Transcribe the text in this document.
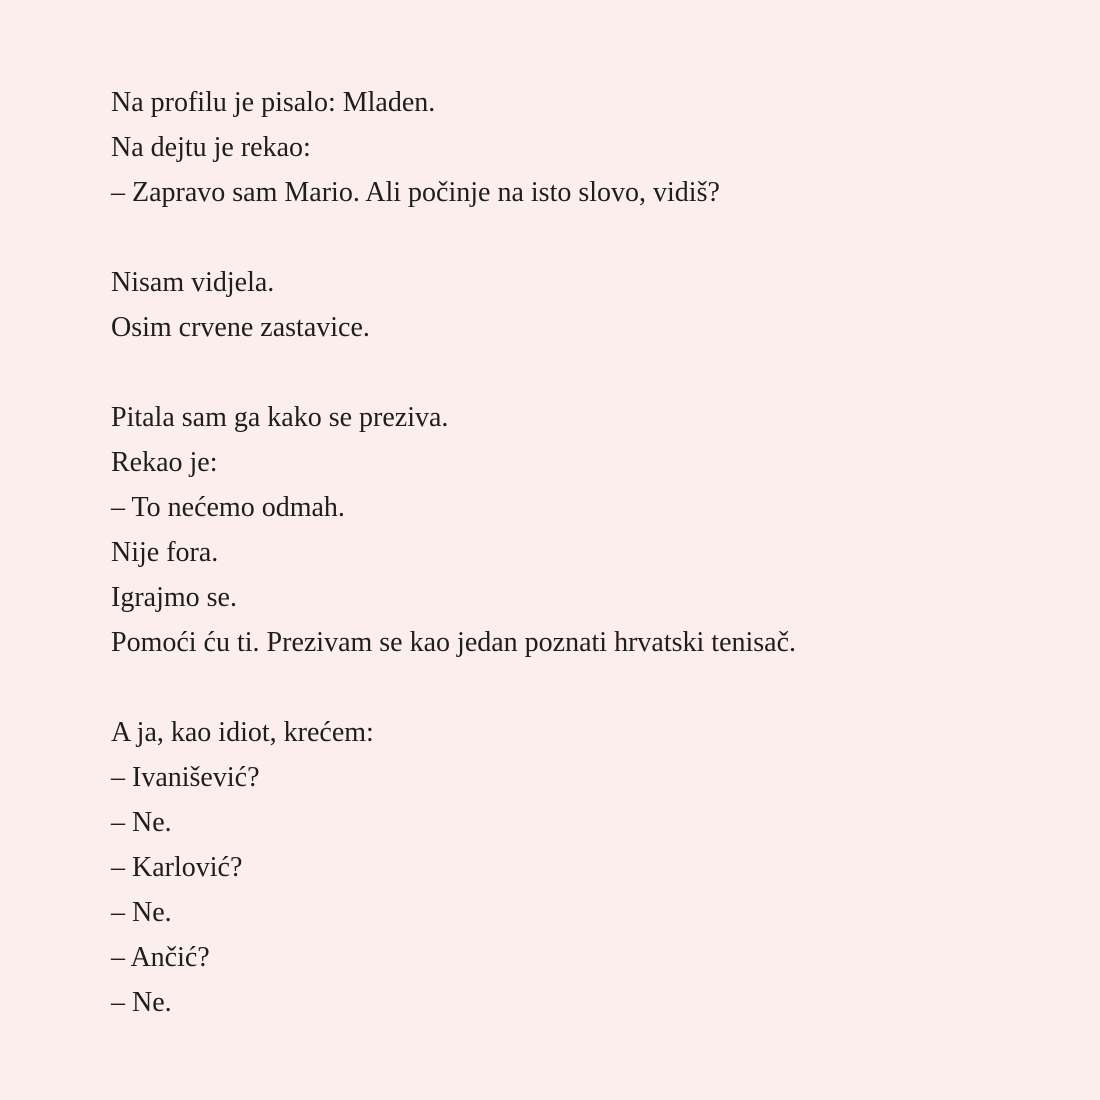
Na profilu je pisalo: Mladen.
Na dejtu je rekao:
– Zapravo sam Mario. Ali počinje na isto slovo, vidiš?
Nisam vidjela.
Osim crvene zastavice.
Pitala sam ga kako se preziva.
Rekao je:
– To nećemo odmah.
Nije fora.
Igrajmo se.
Pomoći ću ti. Prezivam se kao jedan poznati hrvatski tenisač.
A ja, kao idiot, krećem:
– Ivanišević?
– Ne.
– Karlović?
– Ne.
– Ančić?
– Ne.
